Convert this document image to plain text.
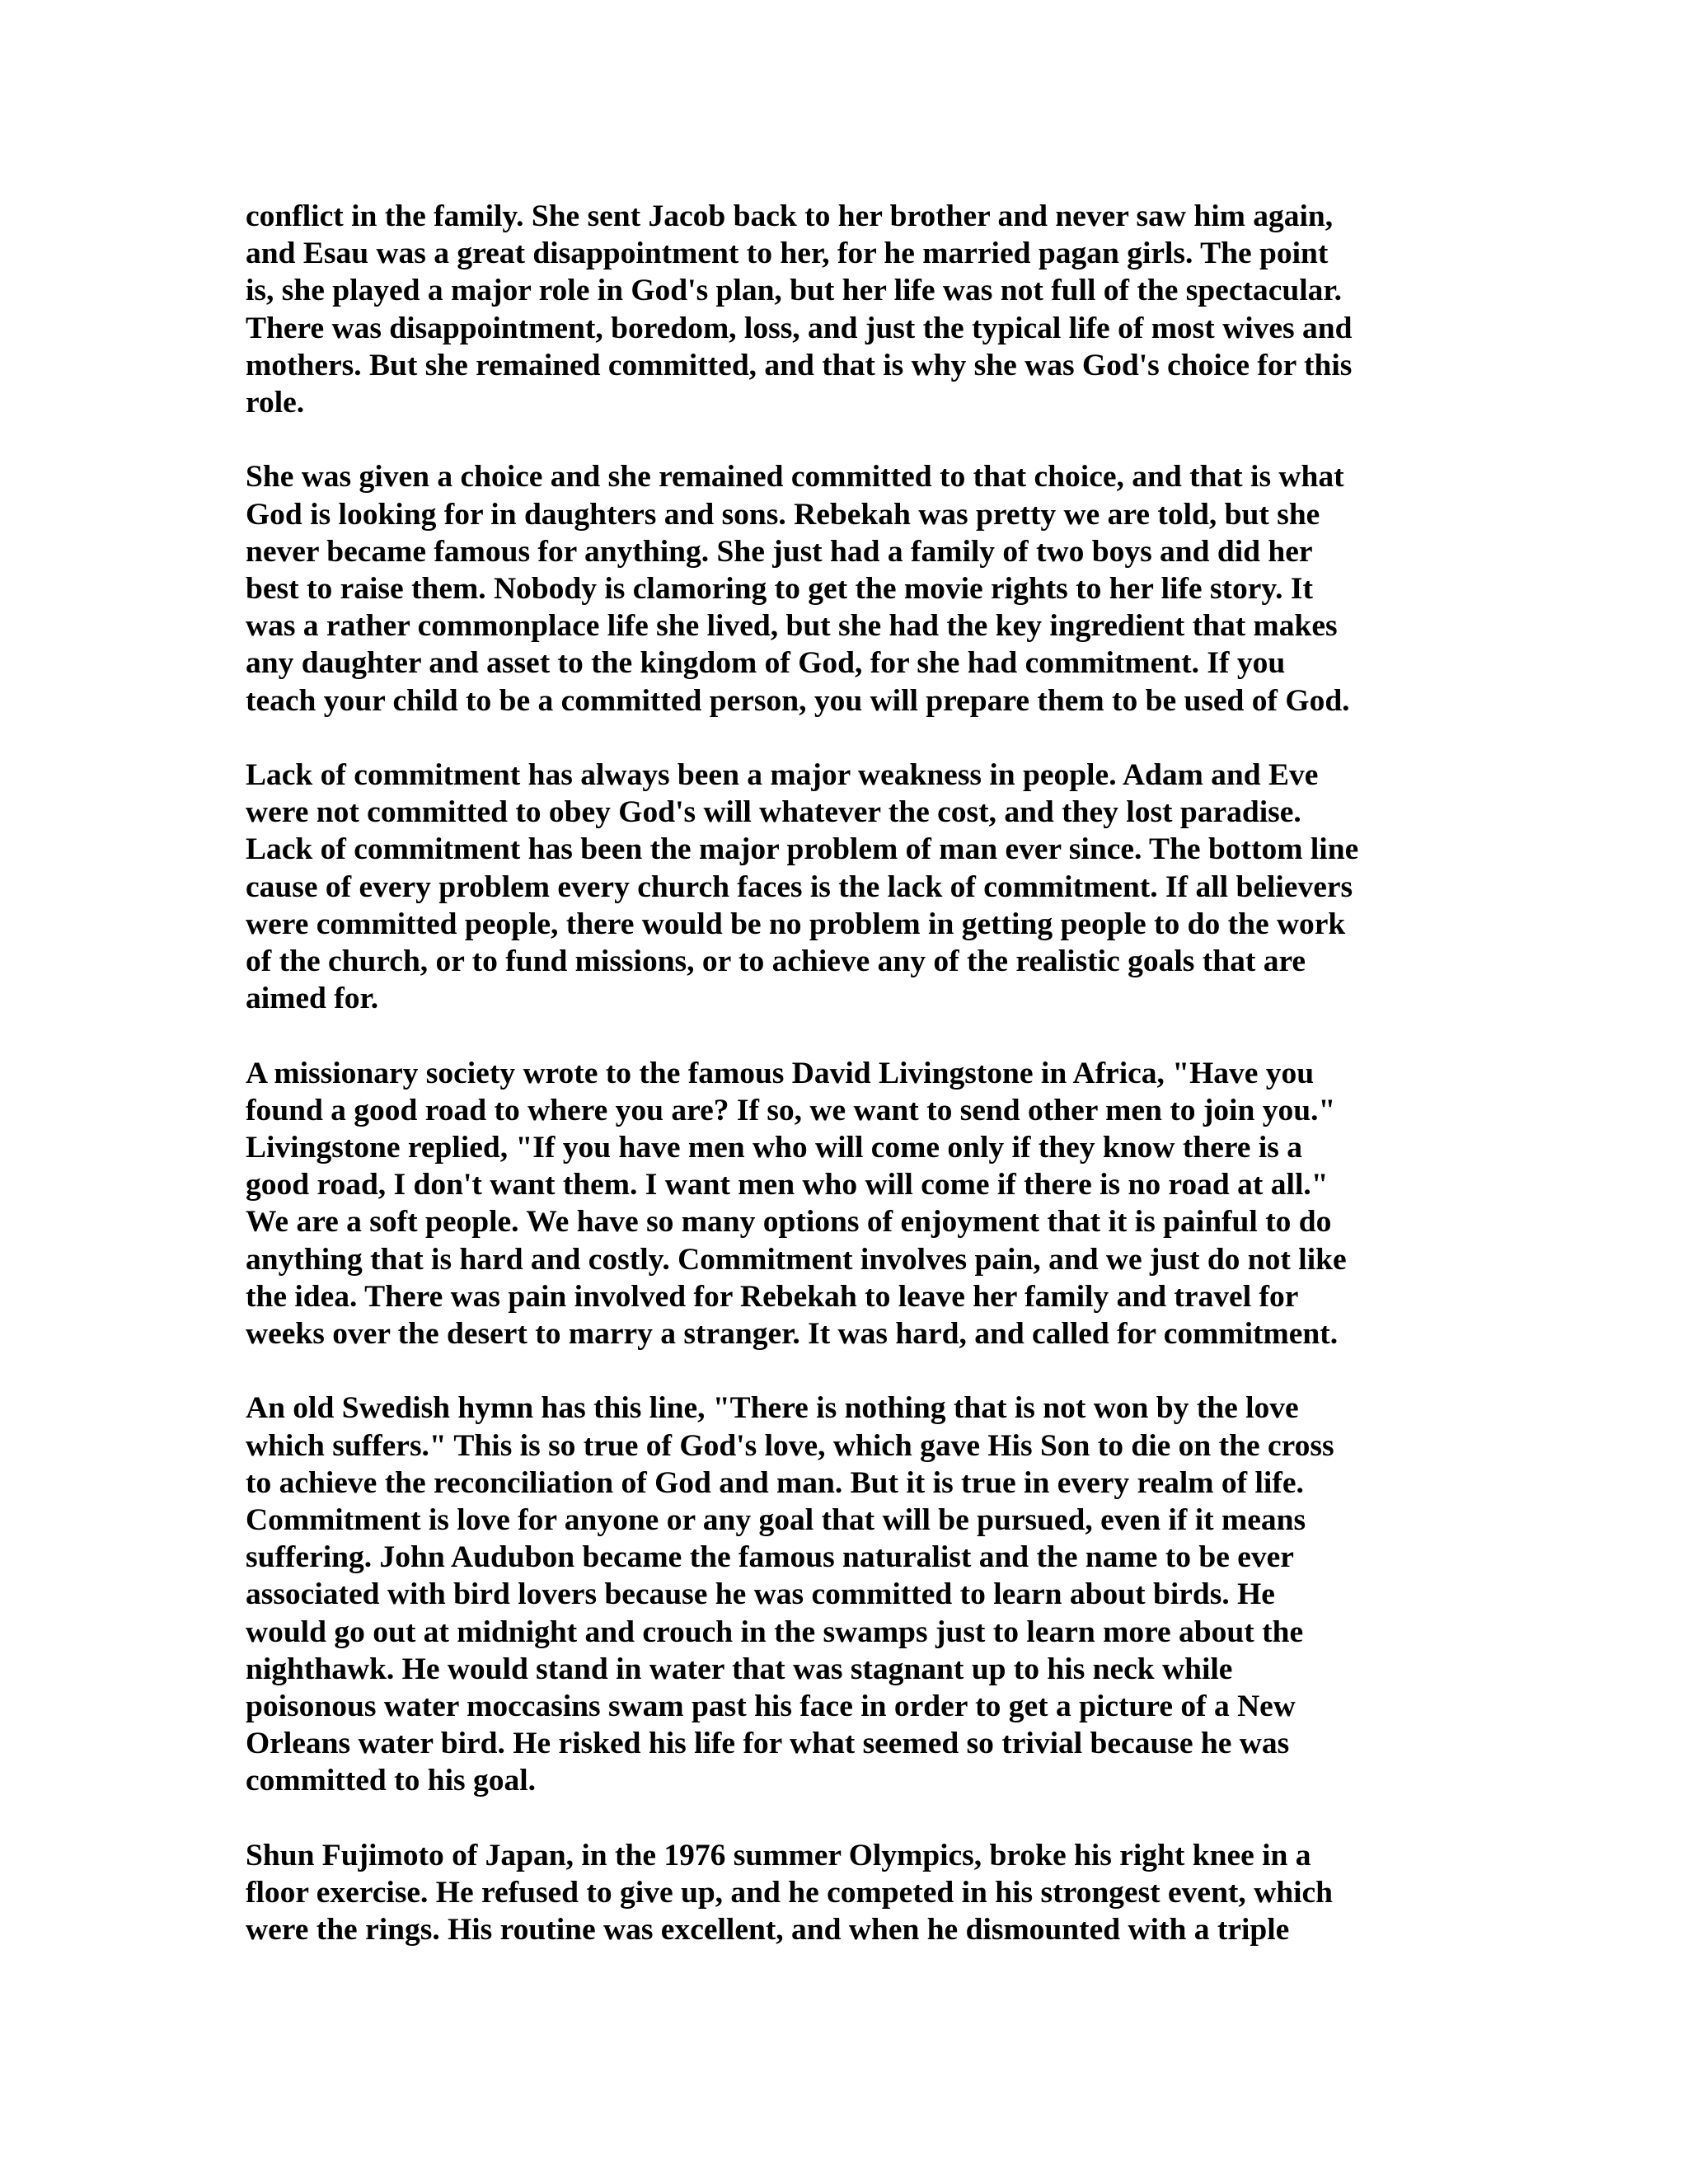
conflict in the family. She sent Jacob back to her brother and never saw him again,
and Esau was a great disappointment to her, for he married pagan girls. The point
is, she played a major role in God's plan, but her life was not full of the spectacular.
There was disappointment, boredom, loss, and just the typical life of most wives and
mothers. But she remained committed, and that is why she was God's choice for this
role.
She was given a choice and she remained committed to that choice, and that is what
God is looking for in daughters and sons. Rebekah was pretty we are told, but she
never became famous for anything. She just had a family of two boys and did her
best to raise them. Nobody is clamoring to get the movie rights to her life story. It
was a rather commonplace life she lived, but she had the key ingredient that makes
any daughter and asset to the kingdom of God, for she had commitment. If you
teach your child to be a committed person, you will prepare them to be used of God.
Lack of commitment has always been a major weakness in people. Adam and Eve
were not committed to obey God's will whatever the cost, and they lost paradise.
Lack of commitment has been the major problem of man ever since. The bottom line
cause of every problem every church faces is the lack of commitment. If all believers
were committed people, there would be no problem in getting people to do the work
of the church, or to fund missions, or to achieve any of the realistic goals that are
aimed for.
A missionary society wrote to the famous David Livingstone in Africa, "Have you
found a good road to where you are? If so, we want to send other men to join you."
Livingstone replied, "If you have men who will come only if they know there is a
good road, I don't want them. I want men who will come if there is no road at all."
We are a soft people. We have so many options of enjoyment that it is painful to do
anything that is hard and costly. Commitment involves pain, and we just do not like
the idea. There was pain involved for Rebekah to leave her family and travel for
weeks over the desert to marry a stranger. It was hard, and called for commitment.
An old Swedish hymn has this line, "There is nothing that is not won by the love
which suffers." This is so true of God's love, which gave His Son to die on the cross
to achieve the reconciliation of God and man. But it is true in every realm of life.
Commitment is love for anyone or any goal that will be pursued, even if it means
suffering. John Audubon became the famous naturalist and the name to be ever
associated with bird lovers because he was committed to learn about birds. He
would go out at midnight and crouch in the swamps just to learn more about the
nighthawk. He would stand in water that was stagnant up to his neck while
poisonous water moccasins swam past his face in order to get a picture of a New
Orleans water bird. He risked his life for what seemed so trivial because he was
committed to his goal.
Shun Fujimoto of Japan, in the 1976 summer Olympics, broke his right knee in a
floor exercise. He refused to give up, and he competed in his strongest event, which
were the rings. His routine was excellent, and when he dismounted with a triple
